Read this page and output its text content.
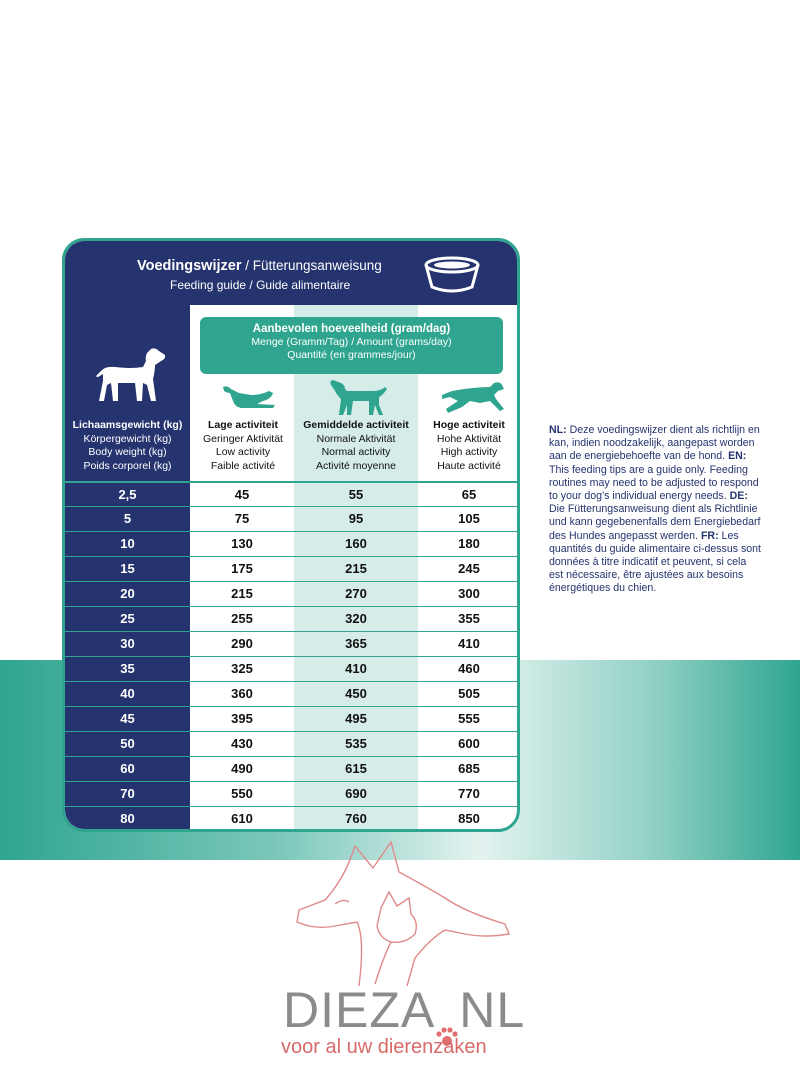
Voedingswijzer / Fütterungsanweisung
Feeding guide / Guide alimentaire
Aanbevolen hoeveelheid (gram/dag)
Menge (Gramm/Tag) / Amount (grams/day)
Quantité (en grammes/jour)
Lichaamsgewicht (kg)
Körpergewicht (kg)
Body weight (kg)
Poids corporel (kg)
Lage activiteit
Geringer Aktivität
Low activity
Faible activité
Gemiddelde activiteit
Normale Aktivität
Normal activity
Activité moyenne
Hoge activiteit
Hohe Aktivität
High activity
Haute activité
2,5	45	55	65
5	75	95	105
10	130	160	180
15	175	215	245
20	215	270	300
25	255	320	355
30	290	365	410
35	325	410	460
40	360	450	505
45	395	495	555
50	430	535	600
60	490	615	685
70	550	690	770
80	610	760	850
NL: Deze voedingswijzer dient als richtlijn en kan, indien noodzakelijk, aangepast worden aan de energiebehoefte van de hond. EN: This feeding tips are a guide only. Feeding routines may need to be adjusted to respond to your dog’s individual energy needs. DE: Die Fütterungsanweisung dient als Richtlinie und kann gegebenenfalls dem Energiebedarf des Hundes angepasst werden. FR: Les quantités du guide alimentaire ci-dessus sont données à titre indicatif et peuvent, si cela est nécessaire, être ajustées aux besoins énergétiques du chien.
DIEZA NL
voor al uw dierenzaken
